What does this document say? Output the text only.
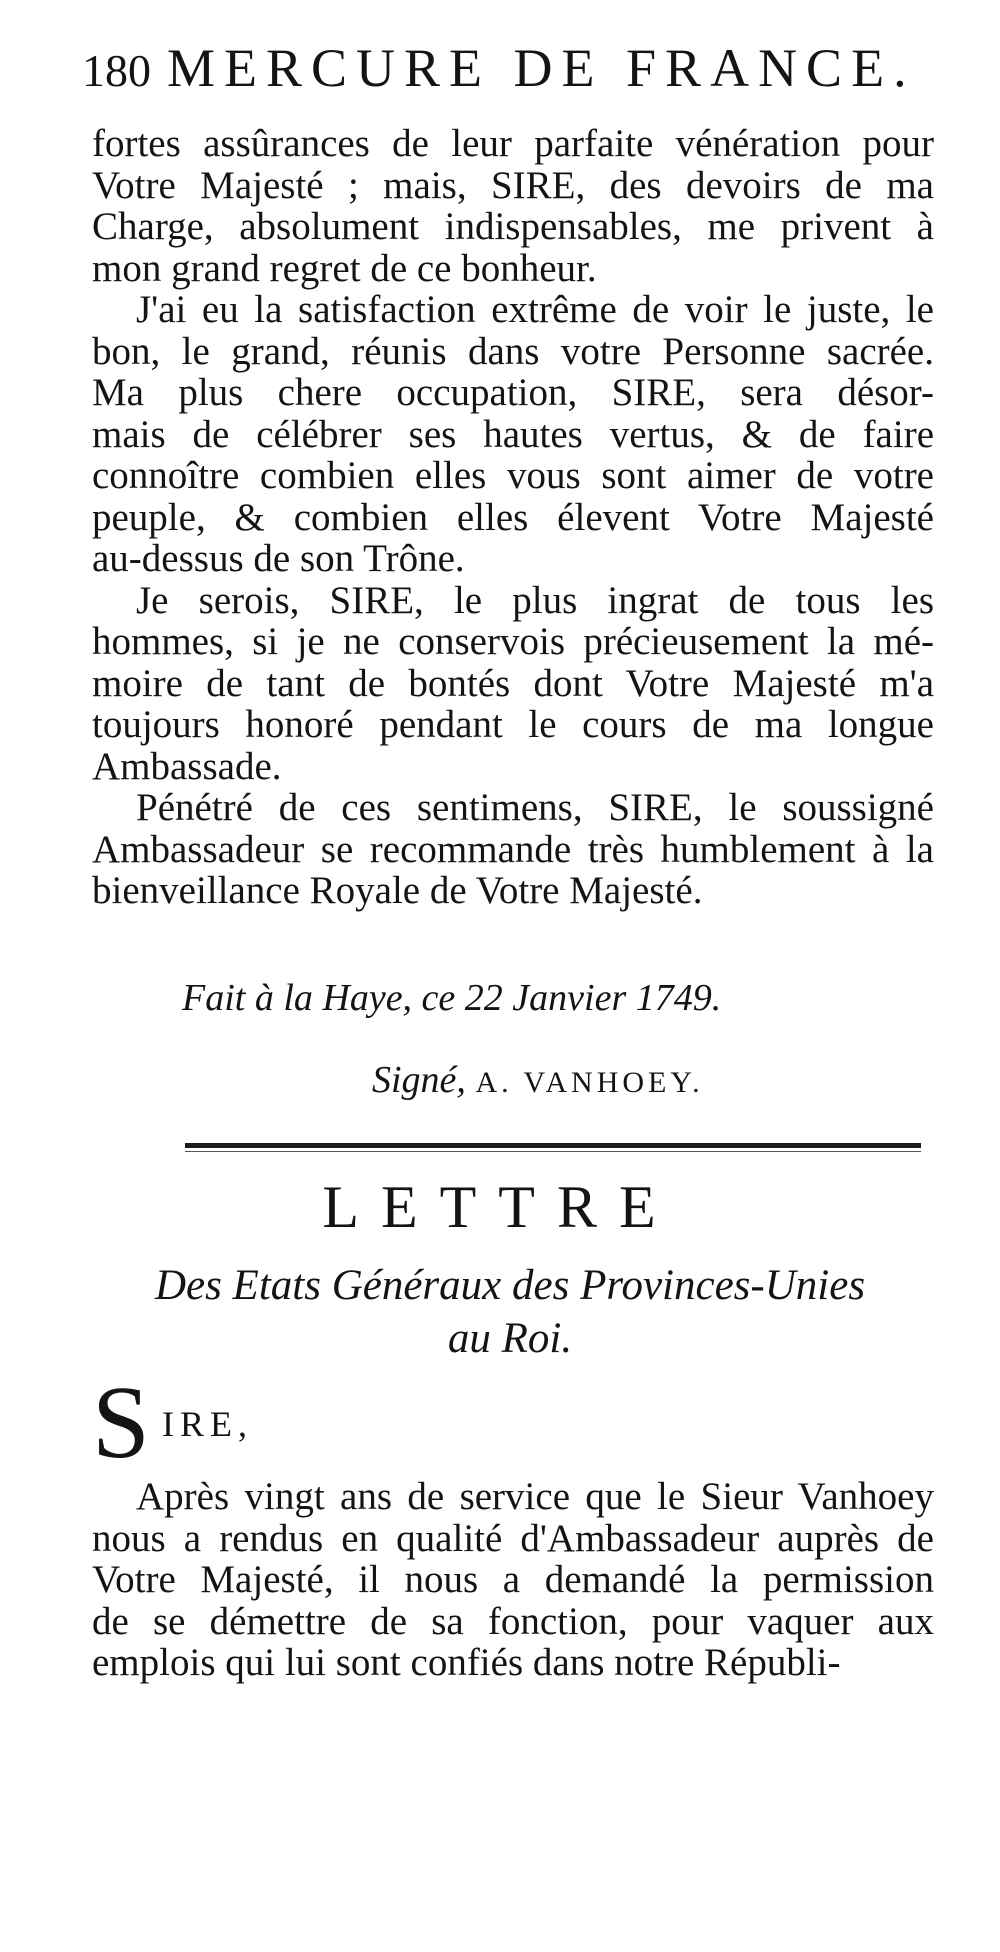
180 MERCURE DE FRANCE.

fortes assûrances de leur parfaite vénération pour
Votre Majesté ; mais, SIRE, des devoirs de ma
Charge, absolument indispensables, me privent à
mon grand regret de ce bonheur.

J'ai eu la satisfaction extrême de voir le juste, le
bon, le grand, réunis dans votre Personne sacrée.
Ma plus chere occupation, SIRE, sera désor-
mais de célébrer ses hautes vertus, & de faire
connoître combien elles vous sont aimer de votre
peuple, & combien elles élevent Votre Majesté
au-dessus de son Trône.

Je serois, SIRE, le plus ingrat de tous les
hommes, si je ne conservois précieusement la mé-
moire de tant de bontés dont Votre Majesté m'a
toujours honoré pendant le cours de ma longue
Ambassade.

Pénétré de ces sentimens, SIRE, le soussigné
Ambassadeur se recommande très humblement à la
bienveillance Royale de Votre Majesté.

Fait à la Haye, ce 22 Janvier 1749.
Signé, A. VANHOEY.
LETTRE
Des Etats Généraux des Provinces-Unies
au Roi.
S IRE,

Après vingt ans de service que le Sieur Vanhoey
nous a rendus en qualité d'Ambassadeur auprès de
Votre Majesté, il nous a demandé la permission
de se démettre de sa fonction, pour vaquer aux
emplois qui lui sont confiés dans notre Républi-
